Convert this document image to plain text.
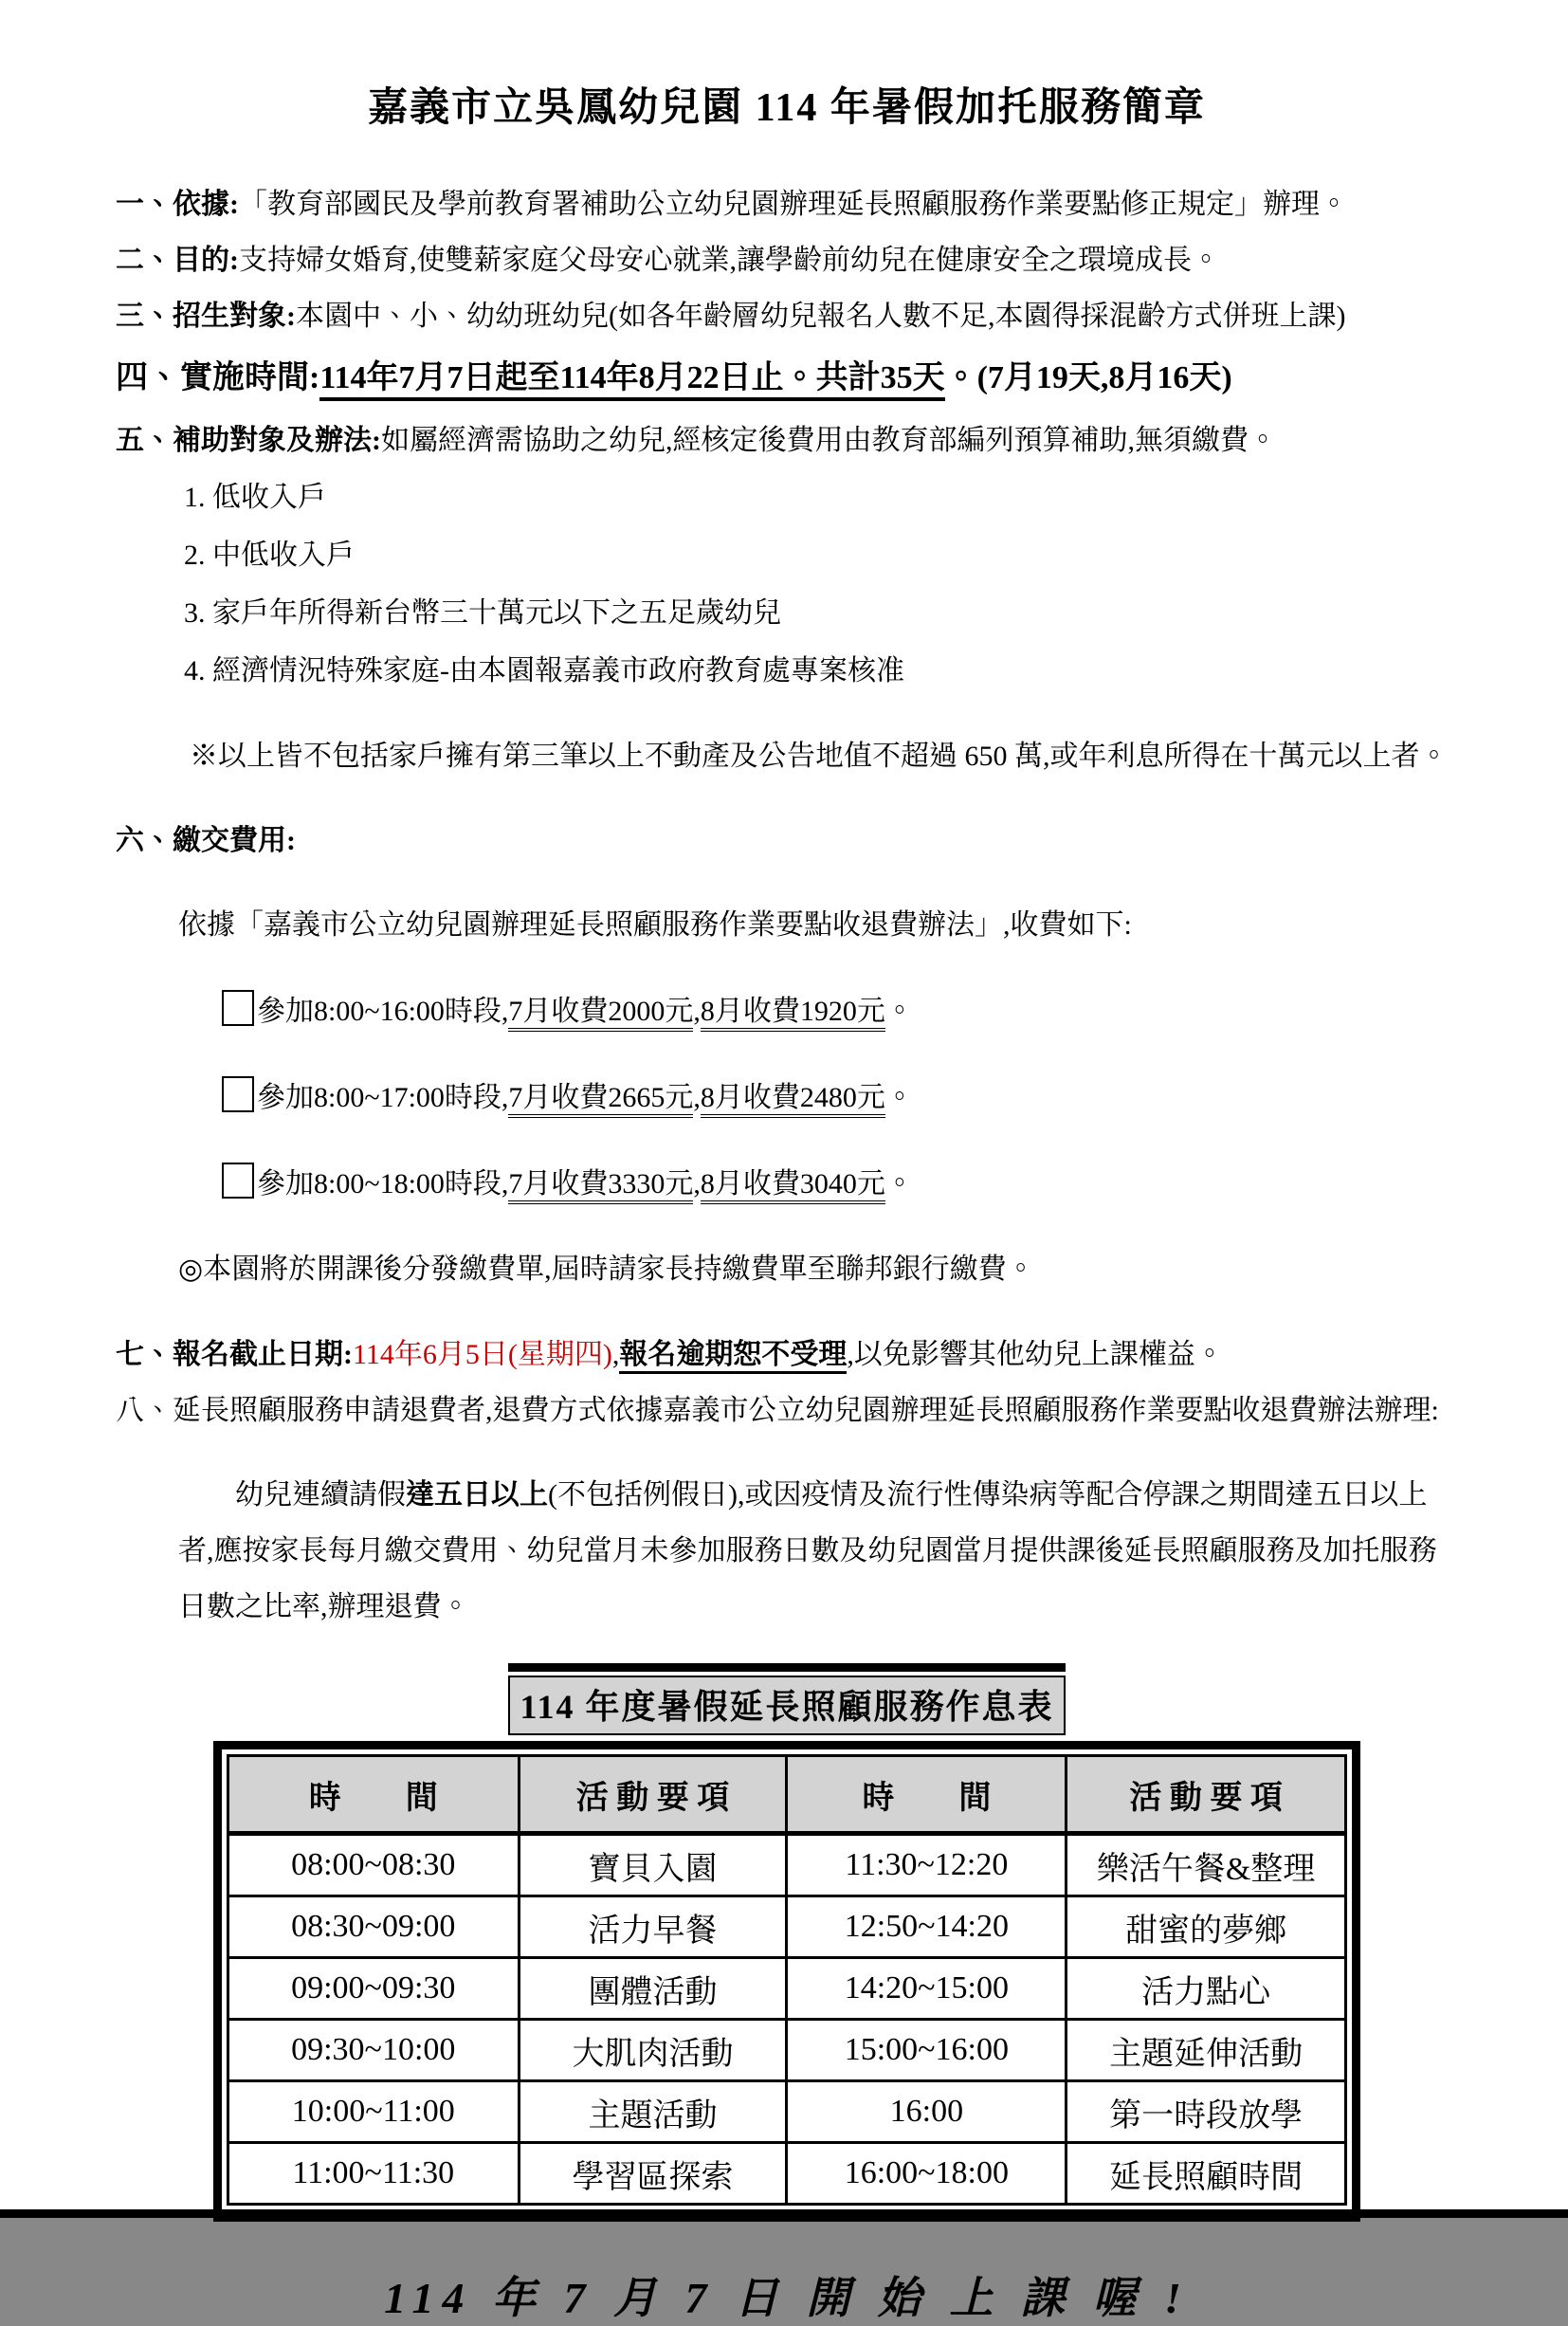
嘉義市立吳鳳幼兒園 114 年暑假加托服務簡章

一、依據:「教育部國民及學前教育署補助公立幼兒園辦理延長照顧服務作業要點修正規定」辦理。

二、目的:支持婦女婚育,使雙薪家庭父母安心就業,讓學齡前幼兒在健康安全之環境成長。

三、招生對象:本園中、小、幼幼班幼兒(如各年齡層幼兒報名人數不足,本園得採混齡方式併班上課)

四、實施時間:114年7月7日起至114年8月22日止。共計35天。(7月19天,8月16天)

五、補助對象及辦法:如屬經濟需協助之幼兒,經核定後費用由教育部編列預算補助,無須繳費。

1. 低收入戶

2. 中低收入戶

3. 家戶年所得新台幣三十萬元以下之五足歲幼兒

4. 經濟情況特殊家庭-由本園報嘉義市政府教育處專案核准

※以上皆不包括家戶擁有第三筆以上不動產及公告地值不超過 650 萬,或年利息所得在十萬元以上者。

六、繳交費用:

依據「嘉義市公立幼兒園辦理延長照顧服務作業要點收退費辦法」,收費如下:

參加8:00~16:00時段,7月收費2000元,8月收費1920元。

參加8:00~17:00時段,7月收費2665元,8月收費2480元。

參加8:00~18:00時段,7月收費3330元,8月收費3040元。

◎本園將於開課後分發繳費單,屆時請家長持繳費單至聯邦銀行繳費。

七、報名截止日期:114年6月5日(星期四),報名逾期恕不受理,以免影響其他幼兒上課權益。

八、延長照顧服務申請退費者,退費方式依據嘉義市公立幼兒園辦理延長照顧服務作業要點收退費辦法辦理:

幼兒連續請假達五日以上(不包括例假日),或因疫情及流行性傳染病等配合停課之期間達五日以上者,應按家長每月繳交費用、幼兒當月未參加服務日數及幼兒園當月提供課後延長照顧服務及加托服務日數之比率,辦理退費。

114 年度暑假延長照顧服務作息表
時　　間	活 動 要 項	時　　間	活 動 要 項
08:00~08:30	寶貝入園	11:30~12:20	樂活午餐&整理
08:30~09:00	活力早餐	12:50~14:20	甜蜜的夢鄉
09:00~09:30	團體活動	14:20~15:00	活力點心
09:30~10:00	大肌肉活動	15:00~16:00	主題延伸活動
10:00~11:00	主題活動	16:00	第一時段放學
11:00~11:30	學習區探索	16:00~18:00	延長照顧時間

114 年 7 月 7 日 開 始 上 課 喔 !
